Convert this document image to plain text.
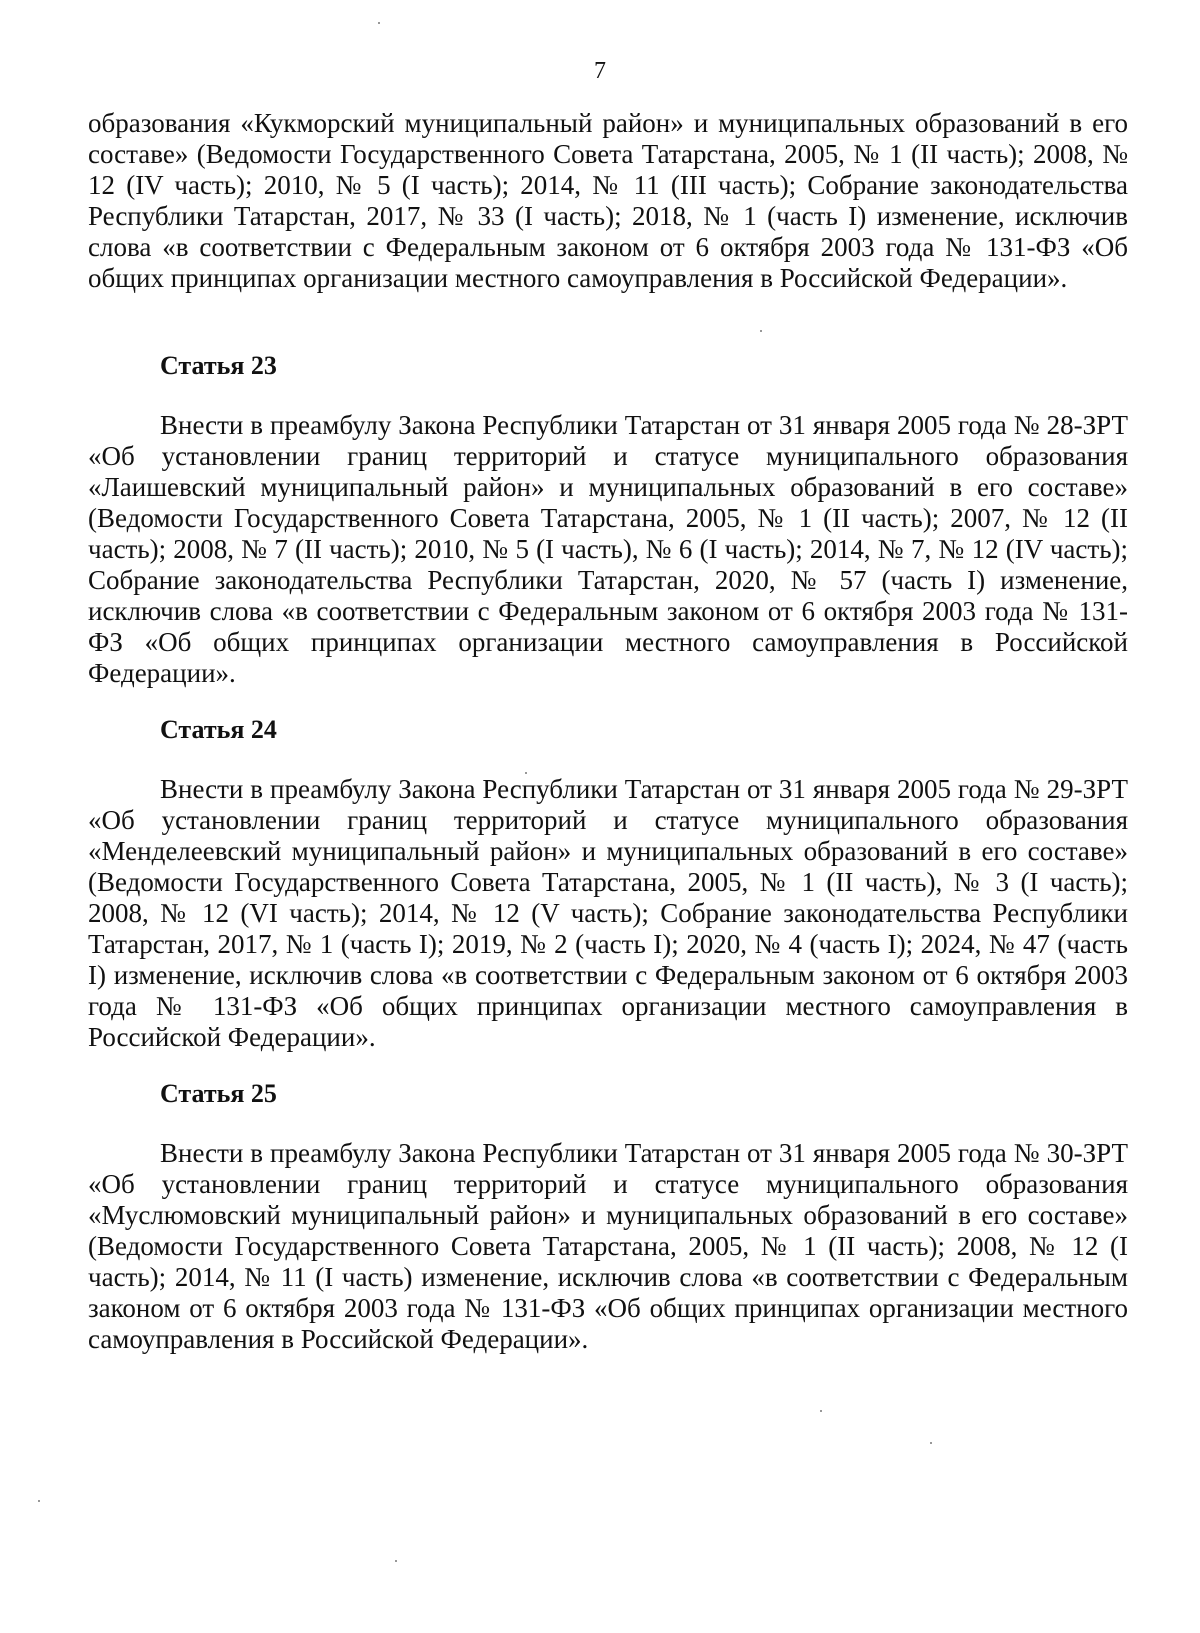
7

образования «Кукморский муниципальный район» и муниципальных образований в его составе» (Ведомости Государственного Совета Татарстана, 2005, № 1 (II часть); 2008, № 12 (IV часть); 2010, № 5 (I часть); 2014, № 11 (III часть); Собрание законодательства Республики Татарстан, 2017, № 33 (I часть); 2018, № 1 (часть I) изменение, исключив слова «в соответствии с Федеральным законом от 6 октября 2003 года № 131-ФЗ «Об общих принципах организации местного самоуправления в Российской Федерации».

Статья 23

Внести в преамбулу Закона Республики Татарстан от 31 января 2005 года № 28-ЗРТ «Об установлении границ территорий и статусе муниципального образования «Лаишевский муниципальный район» и муниципальных образований в его составе» (Ведомости Государственного Совета Татарстана, 2005, № 1 (II часть); 2007, № 12 (II часть); 2008, № 7 (II часть); 2010, № 5 (I часть), № 6 (I часть); 2014, № 7, № 12 (IV часть); Собрание законодательства Республики Татарстан, 2020, № 57 (часть I) изменение, исключив слова «в соответствии с Федеральным законом от 6 октября 2003 года № 131-ФЗ «Об общих принципах организации местного самоуправления в Российской Федерации».

Статья 24

Внести в преамбулу Закона Республики Татарстан от 31 января 2005 года № 29-ЗРТ «Об установлении границ территорий и статусе муниципального образования «Менделеевский муниципальный район» и муниципальных образований в его составе» (Ведомости Государственного Совета Татарстана, 2005, № 1 (II часть), № 3 (I часть); 2008, № 12 (VI часть); 2014, № 12 (V часть); Собрание законодательства Республики Татарстан, 2017, № 1 (часть I); 2019, № 2 (часть I); 2020, № 4 (часть I); 2024, № 47 (часть I) изменение, исключив слова «в соответствии с Федеральным законом от 6 октября 2003 года № 131-ФЗ «Об общих принципах организации местного самоуправления в Российской Федерации».

Статья 25

Внести в преамбулу Закона Республики Татарстан от 31 января 2005 года № 30-ЗРТ «Об установлении границ территорий и статусе муниципального образования «Муслюмовский муниципальный район» и муниципальных образований в его составе» (Ведомости Государственного Совета Татарстана, 2005, № 1 (II часть); 2008, № 12 (I часть); 2014, № 11 (I часть) изменение, исключив слова «в соответствии с Федеральным законом от 6 октября 2003 года № 131-ФЗ «Об общих принципах организации местного самоуправления в Российской Федерации».
